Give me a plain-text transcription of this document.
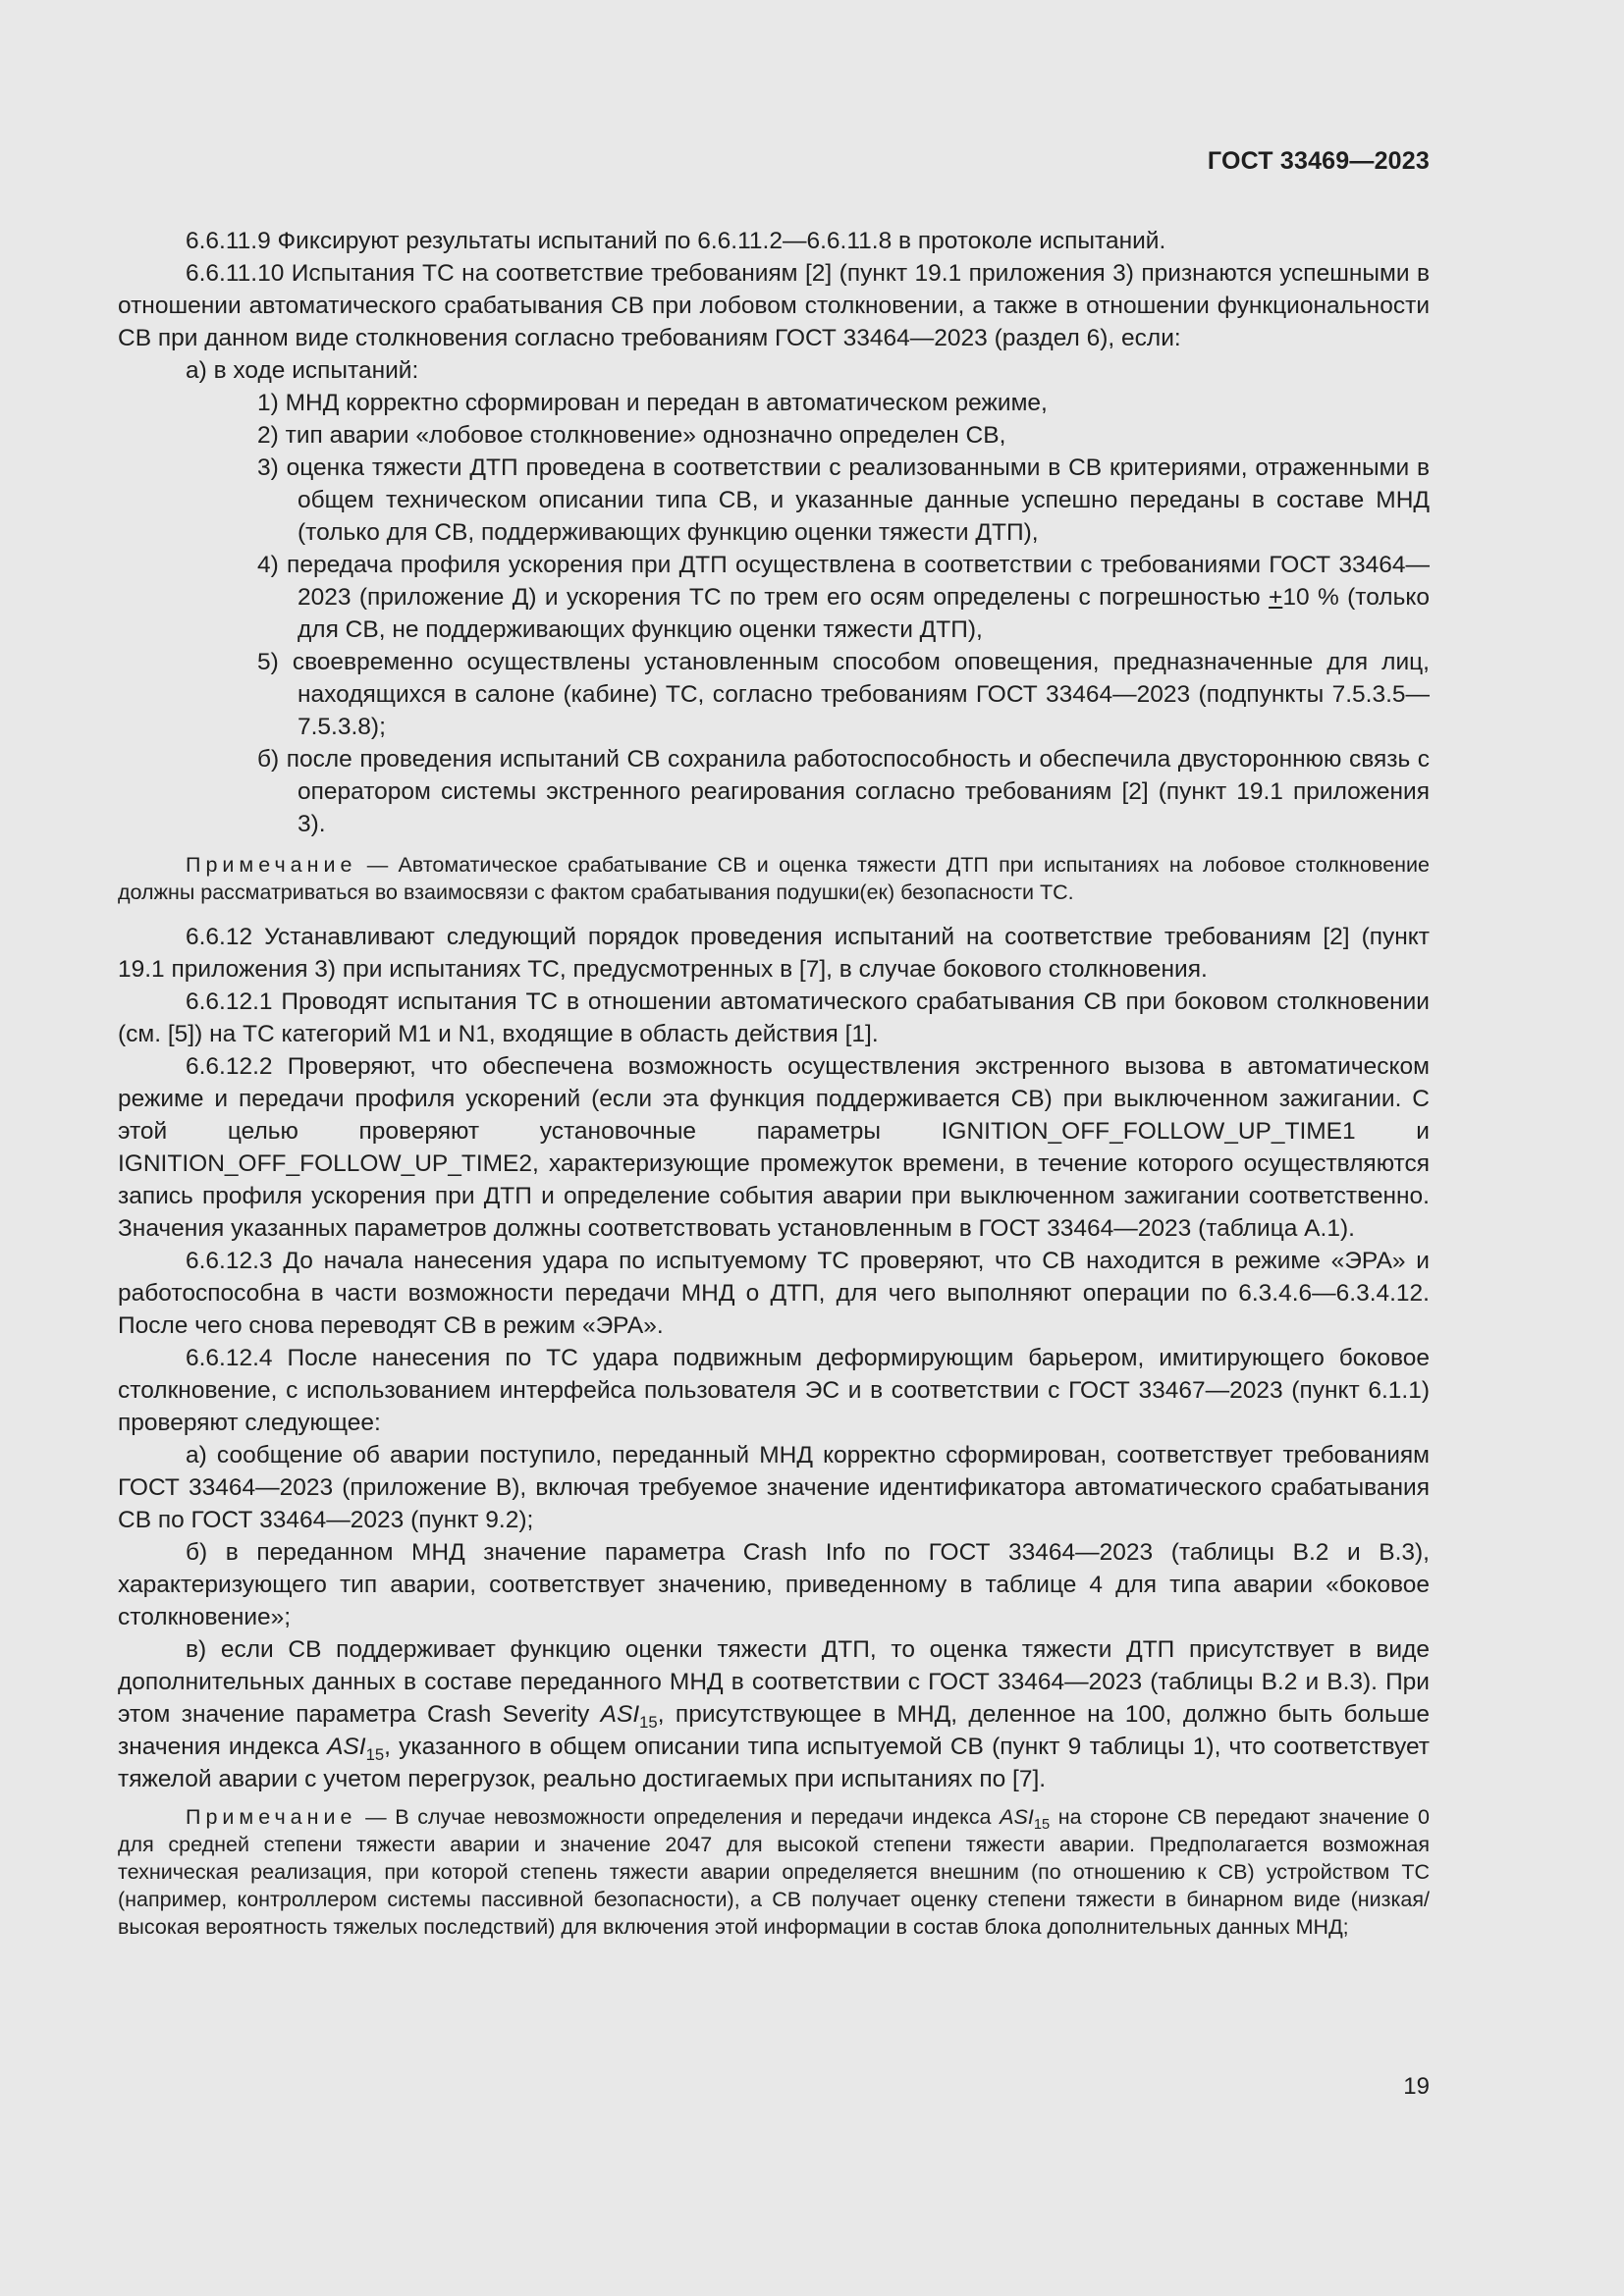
ГОСТ 33469—2023

6.6.11.9 Фиксируют результаты испытаний по 6.6.11.2—6.6.11.8 в протоколе испытаний.

6.6.11.10 Испытания ТС на соответствие требованиям [2] (пункт 19.1 приложения 3) признаются успешными в отношении автоматического срабатывания СВ при лобовом столкновении, а также в отношении функциональности СВ при данном виде столкновения согласно требованиям ГОСТ 33464—2023 (раздел 6), если:

а) в ходе испытаний:

1) МНД корректно сформирован и передан в автоматическом режиме,

2) тип аварии «лобовое столкновение» однозначно определен СВ,

3) оценка тяжести ДТП проведена в соответствии с реализованными в СВ критериями, отраженными в общем техническом описании типа СВ, и указанные данные успешно переданы в составе МНД (только для СВ, поддерживающих функцию оценки тяжести ДТП),

4) передача профиля ускорения при ДТП осуществлена в соответствии с требованиями ГОСТ 33464—2023 (приложение Д) и ускорения ТС по трем его осям определены с погрешностью +10 % (только для СВ, не поддерживающих функцию оценки тяжести ДТП),

5) своевременно осуществлены установленным способом оповещения, предназначенные для лиц, находящихся в салоне (кабине) ТС, согласно требованиям ГОСТ 33464—2023 (подпункты 7.5.3.5—7.5.3.8);

б) после проведения испытаний СВ сохранила работоспособность и обеспечила двустороннюю связь с оператором системы экстренного реагирования согласно требованиям [2] (пункт 19.1 приложения 3).

Примечание — Автоматическое срабатывание СВ и оценка тяжести ДТП при испытаниях на лобовое столкновение должны рассматриваться во взаимосвязи с фактом срабатывания подушки(ек) безопасности ТС.

6.6.12 Устанавливают следующий порядок проведения испытаний на соответствие требованиям [2] (пункт 19.1 приложения 3) при испытаниях ТС, предусмотренных в [7], в случае бокового столкновения.

6.6.12.1 Проводят испытания ТС в отношении автоматического срабатывания СВ при боковом столкновении (см. [5]) на ТС категорий M1 и N1, входящие в область действия [1].

6.6.12.2 Проверяют, что обеспечена возможность осуществления экстренного вызова в автоматическом режиме и передачи профиля ускорений (если эта функция поддерживается СВ) при выключенном зажигании. С этой целью проверяют установочные параметры IGNITION_OFF_FOLLOW_UP_TIME1 и IGNITION_OFF_FOLLOW_UP_TIME2, характеризующие промежуток времени, в течение которого осуществляются запись профиля ускорения при ДТП и определение события аварии при выключенном зажигании соответственно. Значения указанных параметров должны соответствовать установленным в ГОСТ 33464—2023 (таблица А.1).

6.6.12.3 До начала нанесения удара по испытуемому ТС проверяют, что СВ находится в режиме «ЭРА» и работоспособна в части возможности передачи МНД о ДТП, для чего выполняют операции по 6.3.4.6—6.3.4.12. После чего снова переводят СВ в режим «ЭРА».

6.6.12.4 После нанесения по ТС удара подвижным деформирующим барьером, имитирующего боковое столкновение, с использованием интерфейса пользователя ЭС и в соответствии с ГОСТ 33467—2023 (пункт 6.1.1) проверяют следующее:

а) сообщение об аварии поступило, переданный МНД корректно сформирован, соответствует требованиям ГОСТ 33464—2023 (приложение В), включая требуемое значение идентификатора автоматического срабатывания СВ по ГОСТ 33464—2023 (пункт 9.2);

б) в переданном МНД значение параметра Crash Info по ГОСТ 33464—2023 (таблицы В.2 и В.3), характеризующего тип аварии, соответствует значению, приведенному в таблице 4 для типа аварии «боковое столкновение»;

в) если СВ поддерживает функцию оценки тяжести ДТП, то оценка тяжести ДТП присутствует в виде дополнительных данных в составе переданного МНД в соответствии с ГОСТ 33464—2023 (таблицы В.2 и В.3). При этом значение параметра Crash Severity $ASI_{15}$, присутствующее в МНД, деленное на 100, должно быть больше значения индекса $ASI_{15}$, указанного в общем описании типа испытуемой СВ (пункт 9 таблицы 1), что соответствует тяжелой аварии с учетом перегрузок, реально достигаемых при испытаниях по [7].

Примечание — В случае невозможности определения и передачи индекса $ASI_{15}$ на стороне СВ передают значение 0 для средней степени тяжести аварии и значение 2047 для высокой степени тяжести аварии. Предполагается возможная техническая реализация, при которой степень тяжести аварии определяется внешним (по отношению к СВ) устройством ТС (например, контроллером системы пассивной безопасности), а СВ получает оценку степени тяжести в бинарном виде (низкая/высокая вероятность тяжелых последствий) для включения этой информации в состав блока дополнительных данных МНД;

19
